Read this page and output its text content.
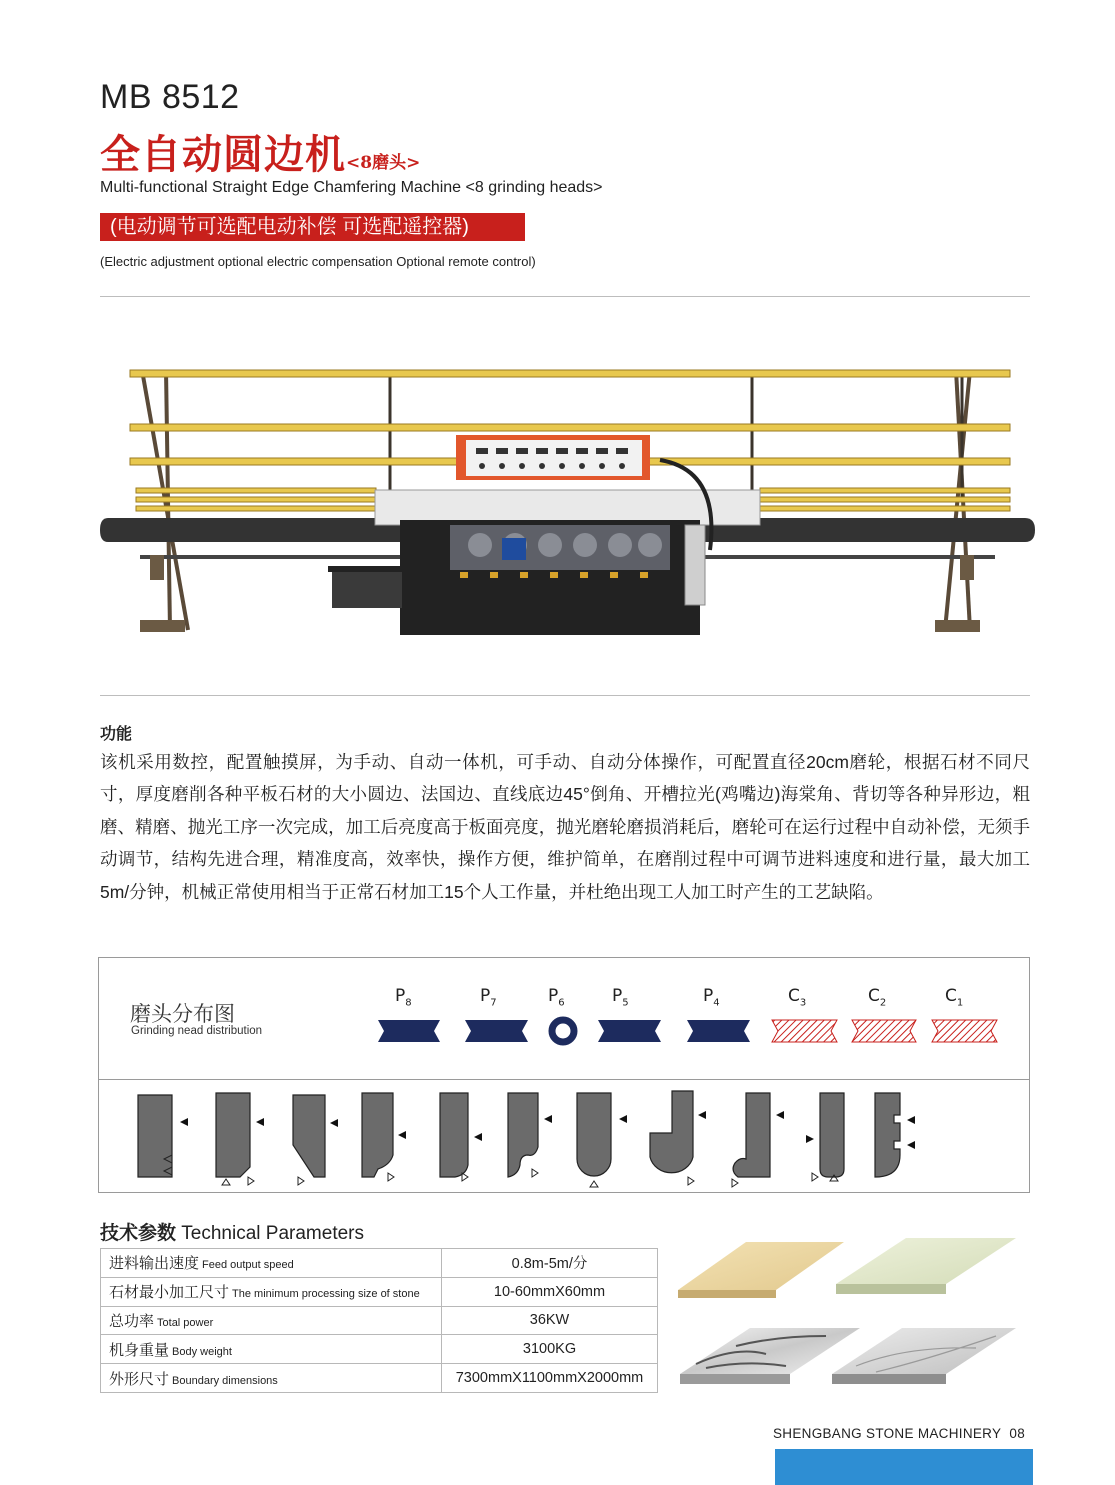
MB 8512
全自动圆边机<8磨头>
Multi-functional Straight Edge Chamfering Machine <8 grinding heads>
(电动调节可选配电动补偿 可选配遥控器)
(Electric adjustment optional electric compensation Optional remote control)
功能
该机采用数控，配置触摸屏，为手动、自动一体机，可手动、自动分体操作，可配置直径20cm磨轮，根据石材不同尺寸，厚度磨削各种平板石材的大小圆边、法国边、直线底边45°倒角、开槽拉光(鸡嘴边)海棠角、背切等各种异形边，粗磨、精磨、抛光工序一次完成，加工后亮度高于板面亮度，抛光磨轮磨损消耗后，磨轮可在运行过程中自动补偿，无须手动调节，结构先进合理，精准度高，效率快，操作方便，维护简单，在磨削过程中可调节进料速度和进行量，最大加工5m/分钟，机械正常使用相当于正常石材加工15个人工作量，并杜绝出现工人加工时产生的工艺缺陷。
磨头分布图
Grinding nead distribution
$P_8$	$P_7$	$P_6$	$P_5$	$P_4$	$C_3$	$C_2$	$C_1$
技术参数 Technical Parameters
进料输出速度 Feed output speed	0.8m-5m/分
石材最小加工尺寸 The minimum processing size of stone	10-60mmX60mm
总功率 Total power	36KW
机身重量 Body weight	3100KG
外形尺寸 Boundary dimensions	7300mmX1100mmX2000mm
SHENGBANG STONE MACHINERY 08
